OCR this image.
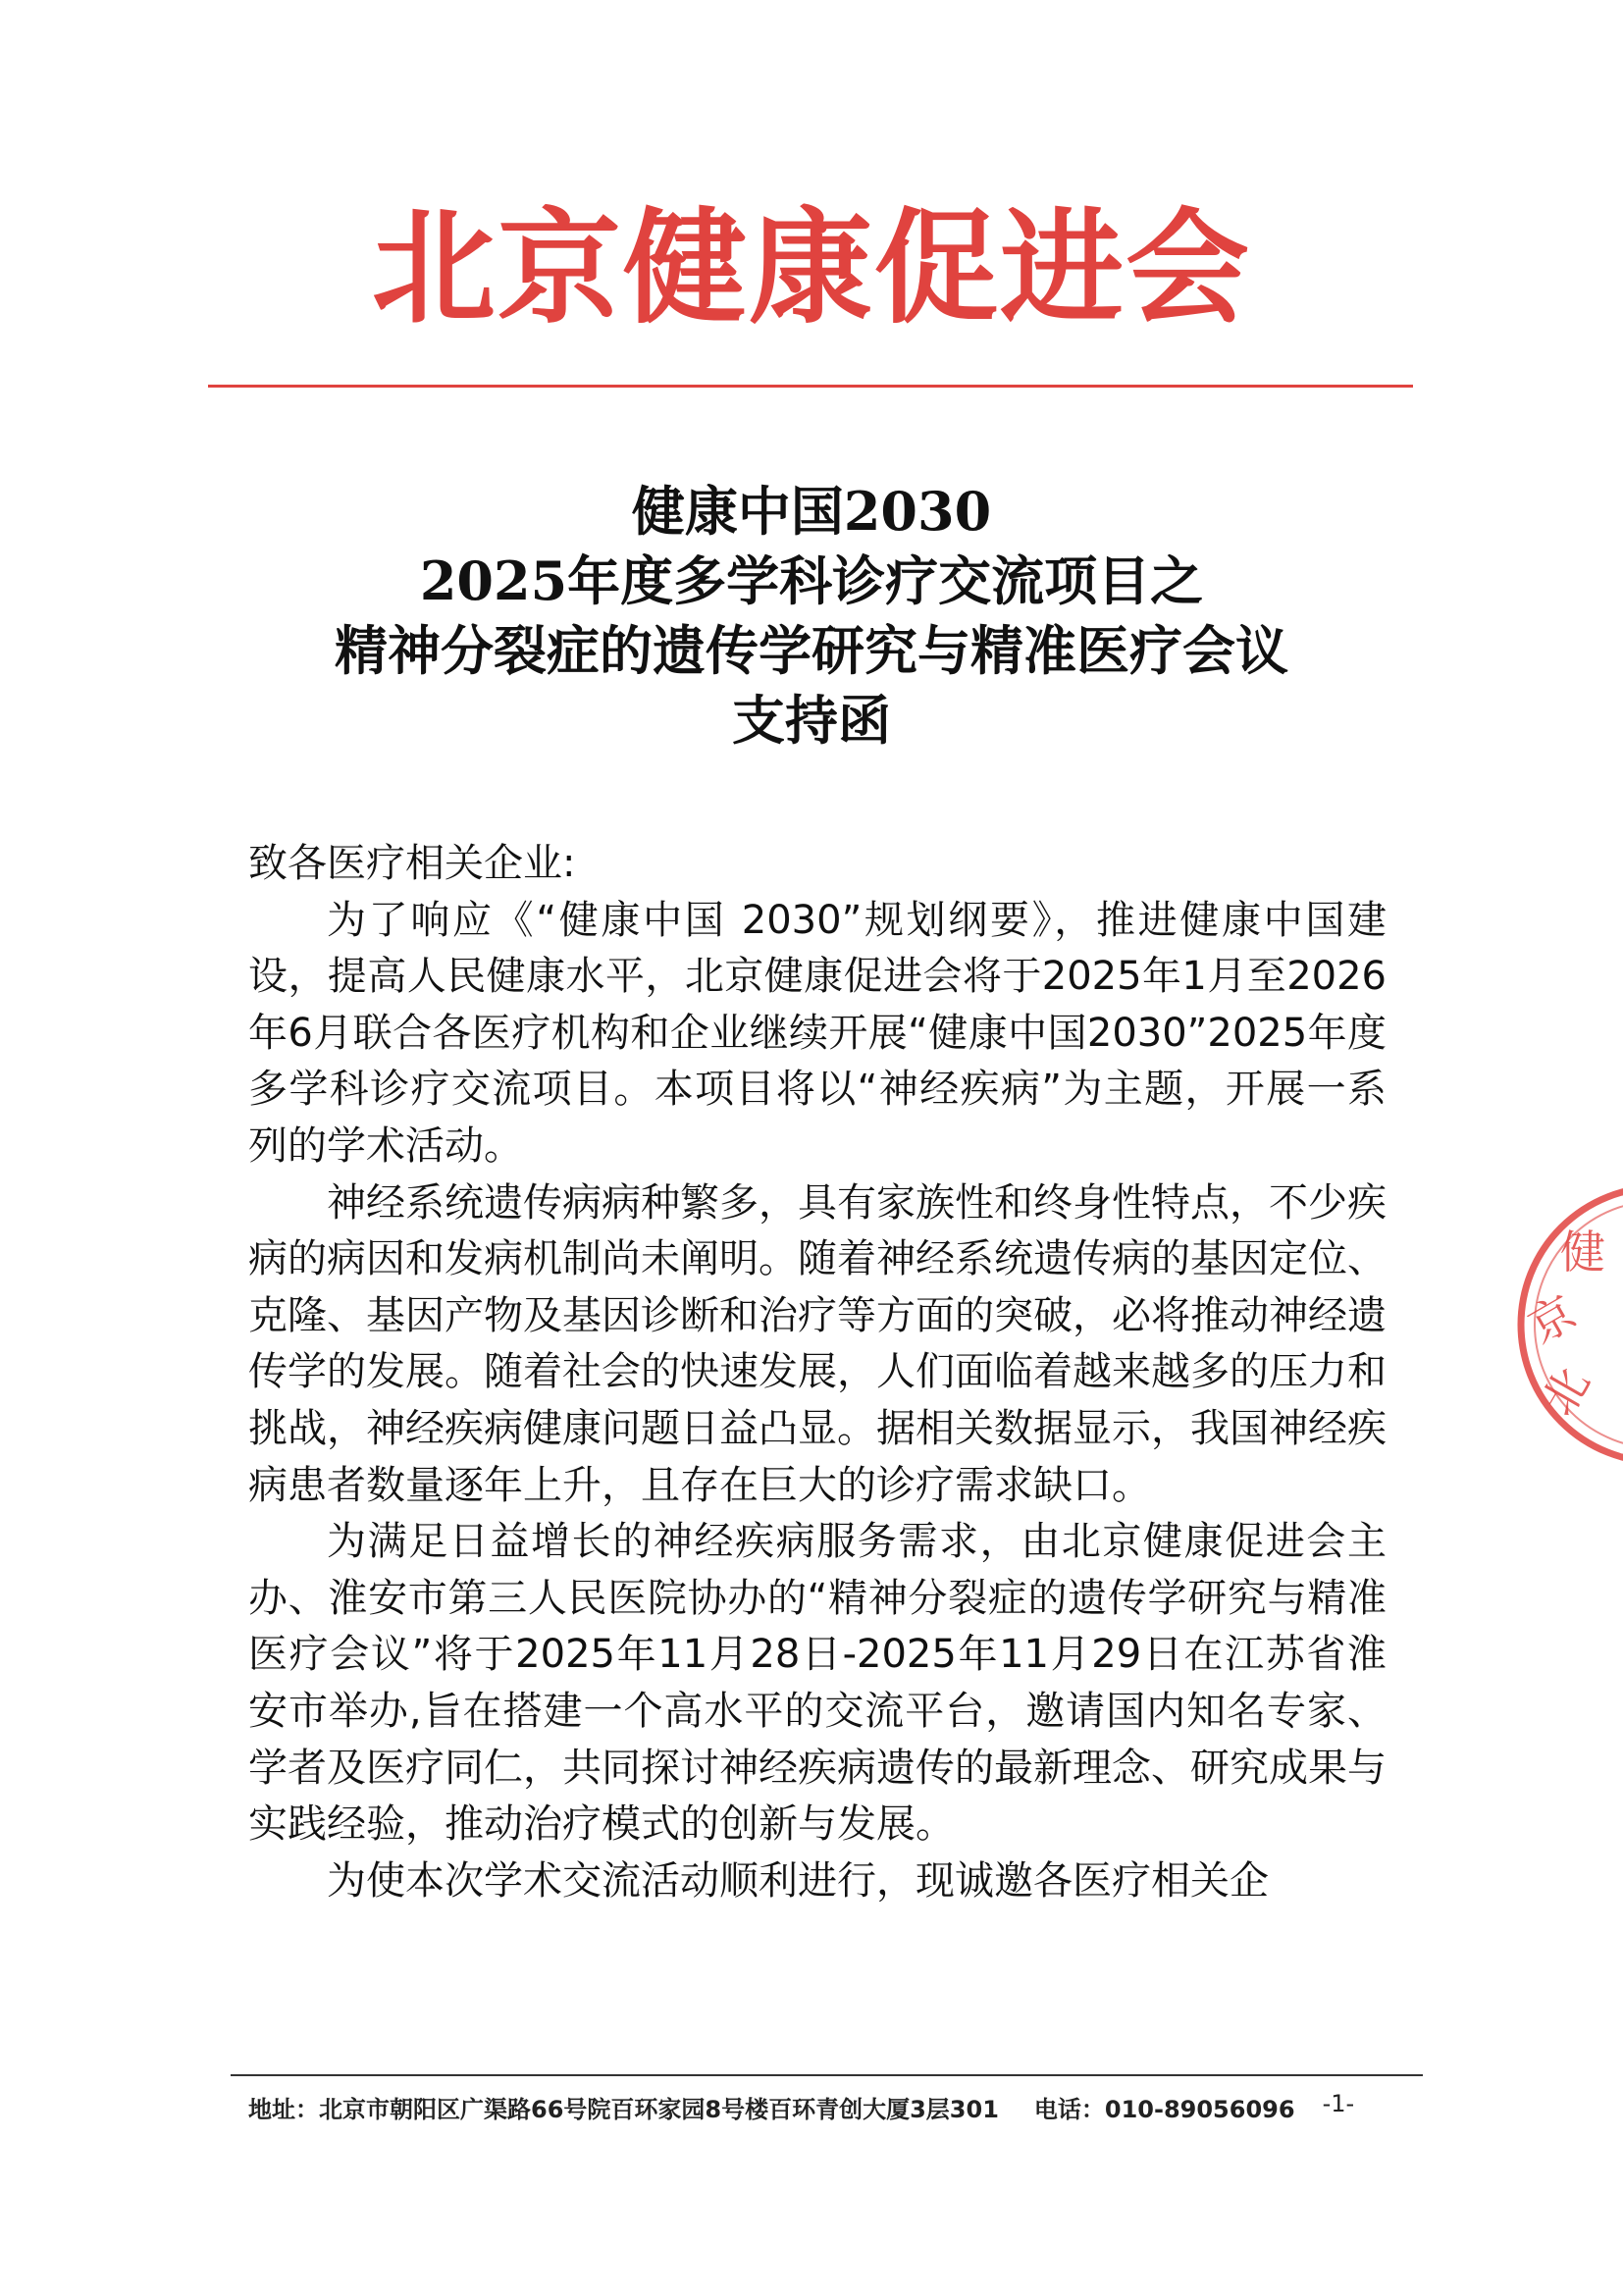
北京健康促进会
健康中国2030
2025年度多学科诊疗交流项目之
精神分裂症的遗传学研究与精准医疗会议
支持函

致各医疗相关企业:

为了响应《“健康中国 2030”规划纲要》，推进健康中国建设，提高人民健康水平，北京健康促进会将于2025年1月至2026年6月联合各医疗机构和企业继续开展“健康中国2030”2025年度多学科诊疗交流项目。本项目将以“神经疾病”为主题，开展一系列的学术活动。

神经系统遗传病病种繁多，具有家族性和终身性特点，不少疾病的病因和发病机制尚未阐明。随着神经系统遗传病的基因定位、克隆、基因产物及基因诊断和治疗等方面的突破，必将推动神经遗传学的发展。随着社会的快速发展，人们面临着越来越多的压力和挑战，神经疾病健康问题日益凸显。据相关数据显示，我国神经疾病患者数量逐年上升，且存在巨大的诊疗需求缺口。

为满足日益增长的神经疾病服务需求，由北京健康促进会主办、淮安市第三人民医院协办的“精神分裂症的遗传学研究与精准医疗会议”将于2025年11月28日-2025年11月29日在江苏省淮安市举办,旨在搭建一个高水平的交流平台，邀请国内知名专家、学者及医疗同仁，共同探讨神经疾病遗传的最新理念、研究成果与实践经验，推动治疗模式的创新与发展。

为使本次学术交流活动顺利进行，现诚邀各医疗相关企

北
京
健
地址：北京市朝阳区广渠路66号院百环家园8号楼百环青创大厦3层301 电话：010-89056096 -1-
